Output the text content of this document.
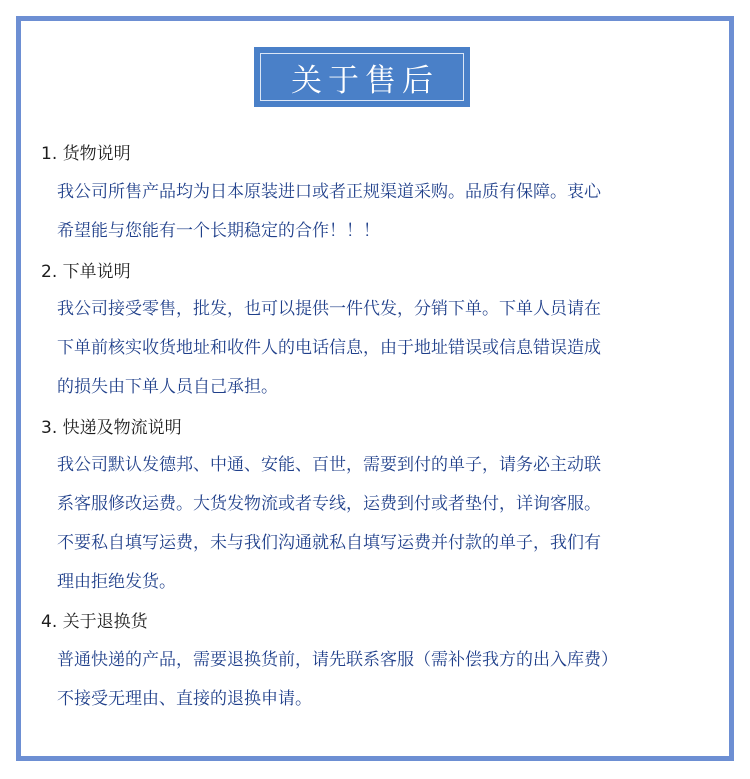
关于售后
1. 货物说明
我公司所售产品均为日本原装进口或者正规渠道采购。品质有保障。衷心
希望能与您能有一个长期稳定的合作！！！
2. 下单说明
我公司接受零售，批发，也可以提供一件代发，分销下单。下单人员请在
下单前核实收货地址和收件人的电话信息，由于地址错误或信息错误造成
的损失由下单人员自己承担。
3. 快递及物流说明
我公司默认发德邦、中通、安能、百世，需要到付的单子，请务必主动联
系客服修改运费。大货发物流或者专线，运费到付或者垫付，详询客服。
不要私自填写运费，未与我们沟通就私自填写运费并付款的单子，我们有
理由拒绝发货。
4. 关于退换货
普通快递的产品，需要退换货前，请先联系客服（需补偿我方的出入库费）
不接受无理由、直接的退换申请。
